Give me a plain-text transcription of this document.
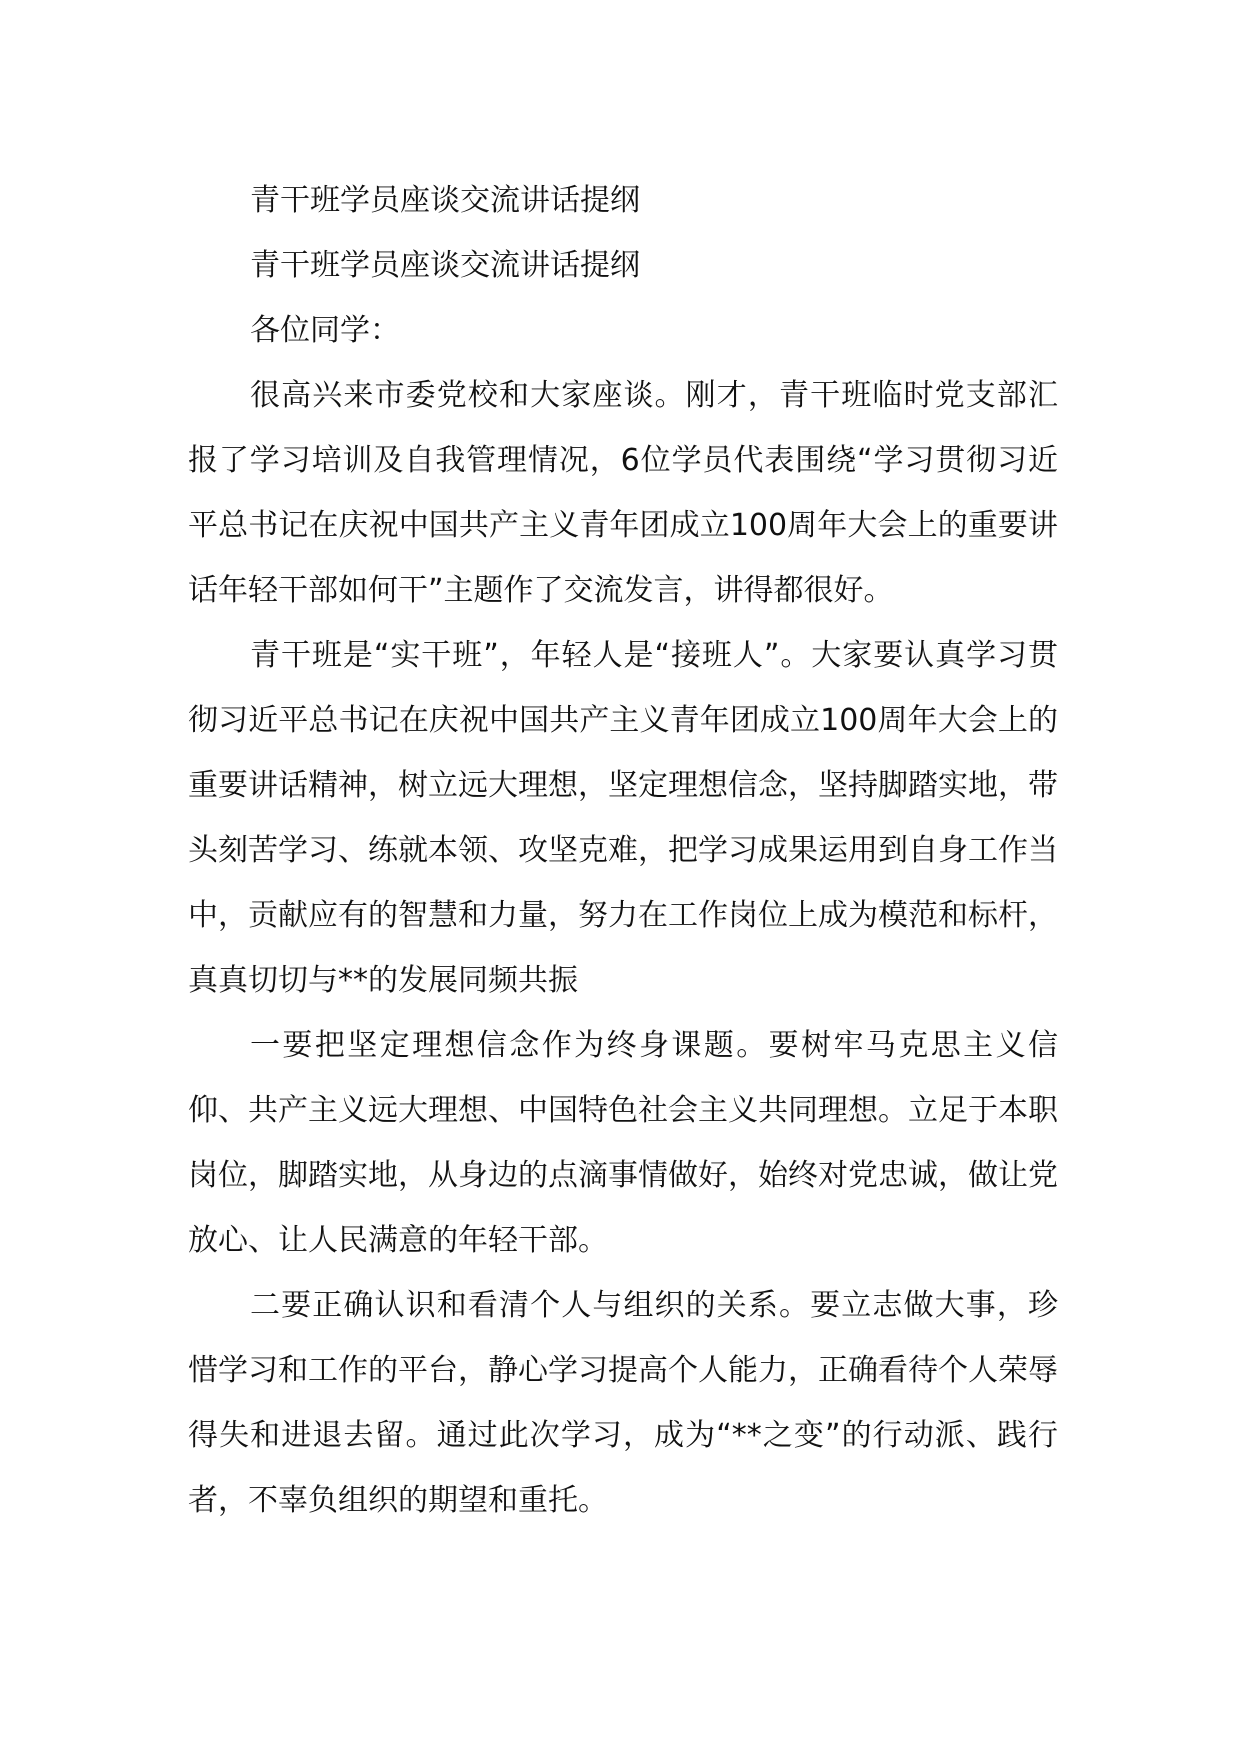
青干班学员座谈交流讲话提纲

青干班学员座谈交流讲话提纲

各位同学：

很高兴来市委党校和大家座谈。刚才，青干班临时党支部汇报了学习培训及自我管理情况，6位学员代表围绕“学习贯彻习近平总书记在庆祝中国共产主义青年团成立100周年大会上的重要讲话年轻干部如何干”主题作了交流发言，讲得都很好。

青干班是“实干班”，年轻人是“接班人”。大家要认真学习贯彻习近平总书记在庆祝中国共产主义青年团成立100周年大会上的重要讲话精神，树立远大理想，坚定理想信念，坚持脚踏实地，带头刻苦学习、练就本领、攻坚克难，把学习成果运用到自身工作当中，贡献应有的智慧和力量，努力在工作岗位上成为模范和标杆，真真切切与**的发展同频共振

一要把坚定理想信念作为终身课题。要树牢马克思主义信仰、共产主义远大理想、中国特色社会主义共同理想。立足于本职岗位，脚踏实地，从身边的点滴事情做好，始终对党忠诚，做让党放心、让人民满意的年轻干部。

二要正确认识和看清个人与组织的关系。要立志做大事，珍惜学习和工作的平台，静心学习提高个人能力，正确看待个人荣辱得失和进退去留。通过此次学习，成为“**之变”的行动派、践行者，不辜负组织的期望和重托。
